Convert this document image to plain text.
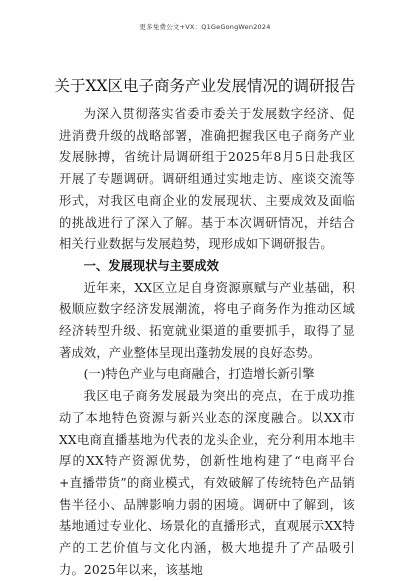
更多免费公文+VX：Q1GeGongWen2024
关于XX区电子商务产业发展情况的调研报告

为深入贯彻落实省委市委关于发展数字经济、促进消费升级的战略部署，准确把握我区电子商务产业发展脉搏，省统计局调研组于2025年8月5日赴我区开展了专题调研。调研组通过实地走访、座谈交流等形式，对我区电商企业的发展现状、主要成效及面临的挑战进行了深入了解。基于本次调研情况，并结合相关行业数据与发展趋势，现形成如下调研报告。

一、发展现状与主要成效

近年来，XX区立足自身资源禀赋与产业基础，积极顺应数字经济发展潮流，将电子商务作为推动区域经济转型升级、拓宽就业渠道的重要抓手，取得了显著成效，产业整体呈现出蓬勃发展的良好态势。

(一)特色产业与电商融合，打造增长新引擎

我区电子商务发展最为突出的亮点，在于成功推动了本地特色资源与新兴业态的深度融合。以XX市XX电商直播基地为代表的龙头企业，充分利用本地丰厚的XX特产资源优势，创新性地构建了“电商平台+直播带货”的商业模式，有效破解了传统特色产品销售半径小、品牌影响力弱的困境。调研中了解到，该基地通过专业化、场景化的直播形式，直观展示XX特产的工艺价值与文化内涵，极大地提升了产品吸引力。2025年以来，该基地
